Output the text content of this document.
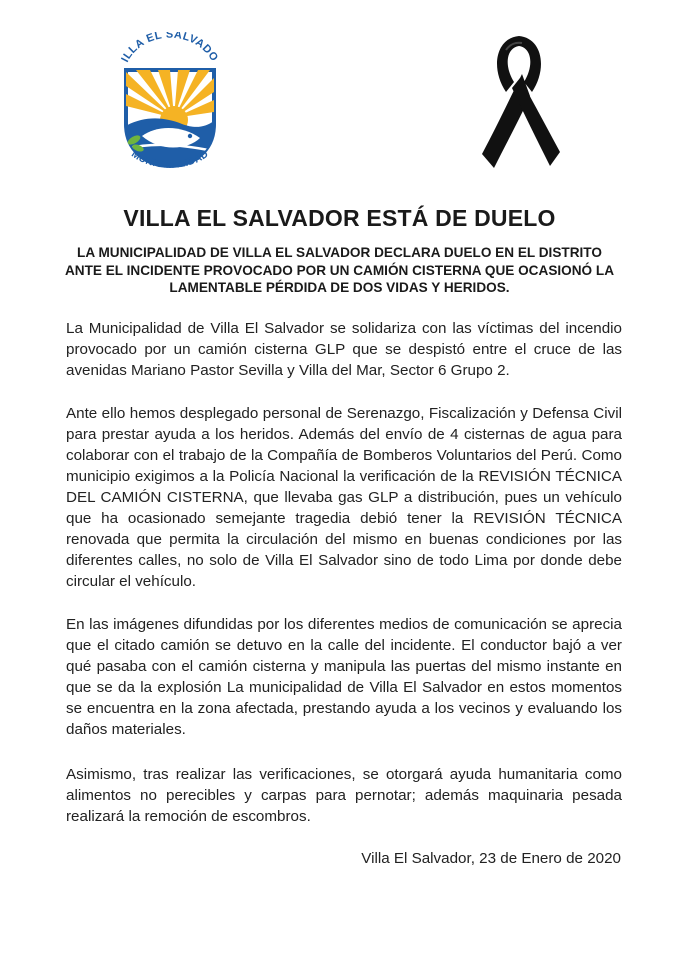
ILLA EL SALVADO
MUNICIPALIDAD
VILLA EL SALVADOR ESTÁ DE DUELO
LA MUNICIPALIDAD DE VILLA EL SALVADOR DECLARA DUELO EN EL DISTRITO ANTE EL INCIDENTE PROVOCADO POR UN CAMIÓN CISTERNA QUE OCASIONÓ LA LAMENTABLE PÉRDIDA DE DOS VIDAS Y HERIDOS.
La Municipalidad de Villa El Salvador se solidariza con las víctimas del incendio provocado por un camión cisterna GLP que se despistó entre el cruce de las avenidas Mariano Pastor Sevilla y Villa del Mar, Sector 6 Grupo 2.
Ante ello hemos desplegado personal de Serenazgo, Fiscalización y Defensa Civil para prestar ayuda a los heridos. Además del envío de 4 cisternas de agua para colaborar con el trabajo de la Compañía de Bomberos Voluntarios del Perú. Como municipio exigimos a la Policía Nacional la verificación de la REVISIÓN TÉCNICA DEL CAMIÓN CISTERNA, que llevaba gas GLP a distribución, pues un vehículo que ha ocasionado semejante tragedia debió tener la REVISIÓN TÉCNICA renovada que permita la circulación del mismo en buenas condiciones por las diferentes calles, no solo de Villa El Salvador sino de todo Lima por donde debe circular el vehículo.
En las imágenes difundidas por los diferentes medios de comunicación se aprecia que el citado camión se detuvo en la calle del incidente. El conductor bajó a ver qué pasaba con el camión cisterna y manipula las puertas del mismo instante en que se da la explosión La municipalidad de Villa El Salvador en estos momentos se encuentra en la zona afectada, prestando ayuda a los vecinos y evaluando los daños materiales.
Asimismo, tras realizar las verificaciones, se otorgará ayuda humanitaria como alimentos no perecibles y carpas para pernotar; además maquinaria pesada realizará la remoción de escombros.
Villa El Salvador, 23 de Enero de 2020
